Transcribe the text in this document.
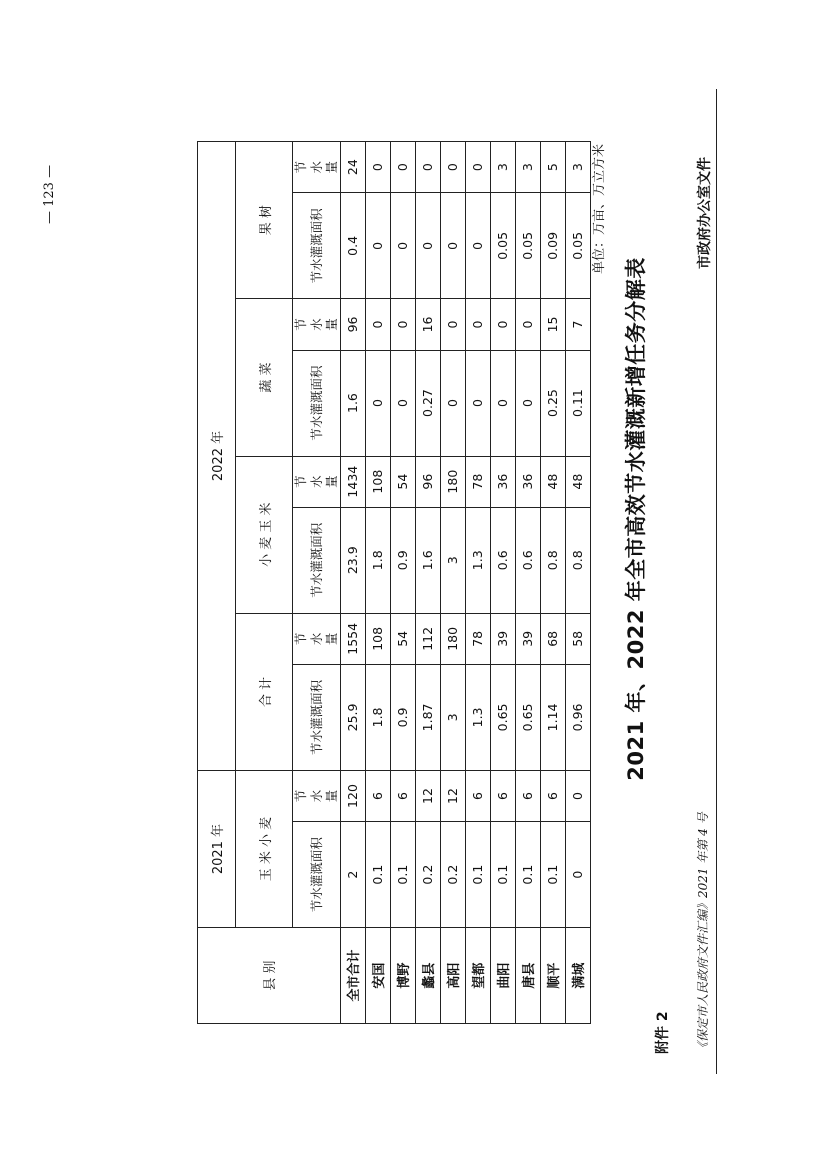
《保定市人民政府文件汇编》2021 年第 4 号
市政府办公室文件
附件 2
2021 年、2022 年全市高效节水灌溉新增任务分解表
单位：万亩、万立方米
县 别	2021 年		2022 年							
	玉 米 小 麦		合 计		小 麦 玉 米		蔬 菜		果 树	
	节水灌溉面积	节水量	节水灌溉面积	节水量	节水灌溉面积	节水量	节水灌溉面积	节水量	节水灌溉面积	节水量
全市合计	2	120	25.9	1554	23.9	1434	1.6	96	0.4	24
安国	0.1	6	1.8	108	1.8	108	0	0	0	0
博野	0.1	6	0.9	54	0.9	54	0	0	0	0
蠡县	0.2	12	1.87	112	1.6	96	0.27	16	0	0
高阳	0.2	12	3	180	3	180	0	0	0	0
望都	0.1	6	1.3	78	1.3	78	0	0	0	0
曲阳	0.1	6	0.65	39	0.6	36	0	0	0.05	3
唐县	0.1	6	0.65	39	0.6	36	0	0	0.05	3
顺平	0.1	6	1.14	68	0.8	48	0.25	15	0.09	5
满城	0	0	0.96	58	0.8	48	0.11	7	0.05	3
— 123 —
